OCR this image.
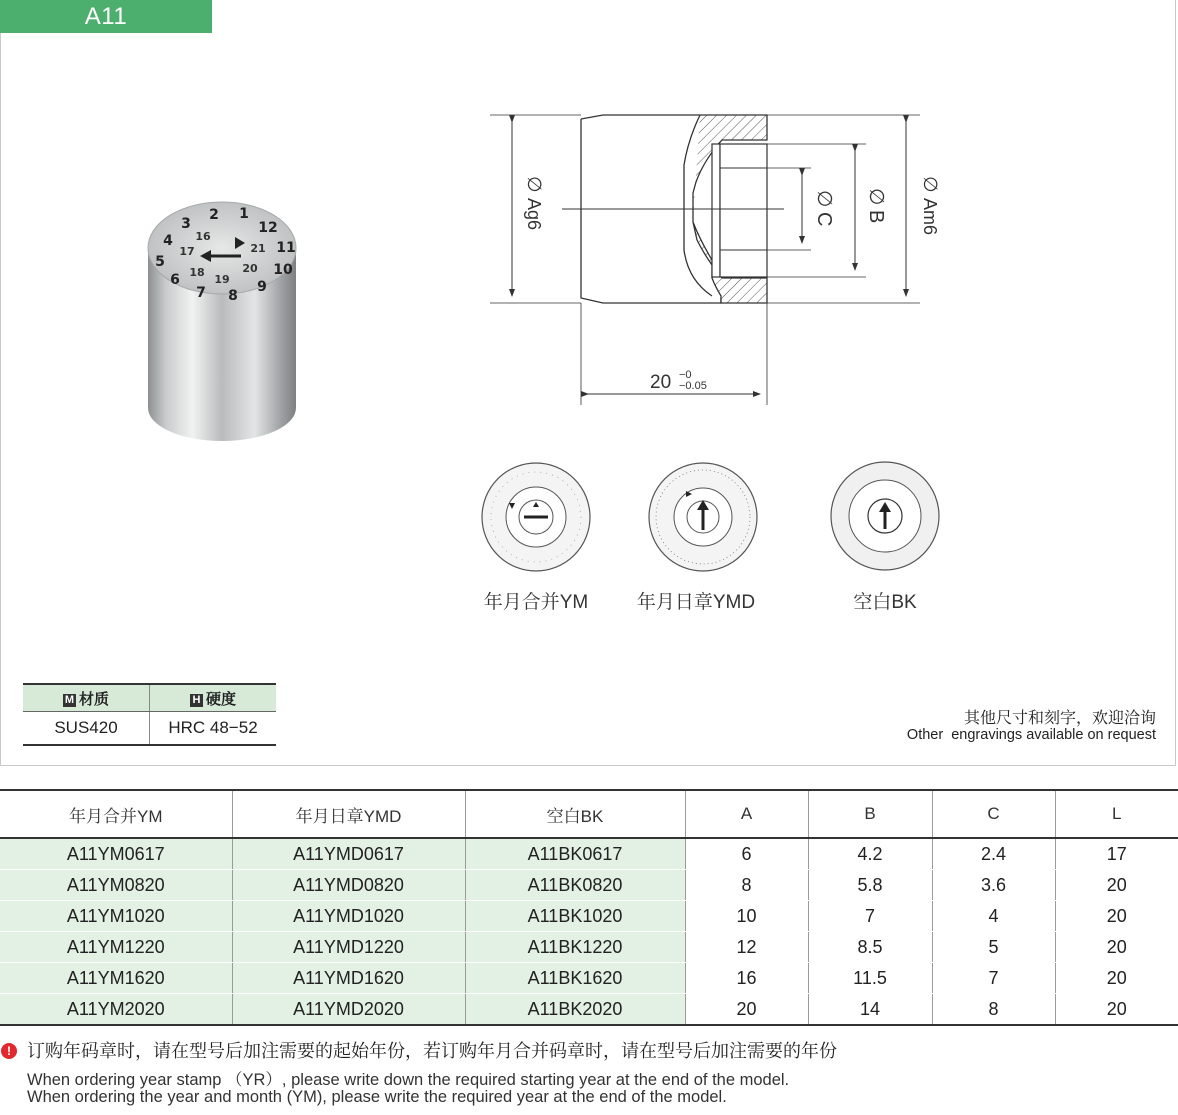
A11
2 1
12
11
10
9
8
7
6
5
4
3
16
17
18
19
20
21
∅
Ag6
∅
Am6
∅
B
∅
C
20 −0
−0.05
年月合并YM	年月日章YMD	空白BK
M 材质	H 硬度
SUS420	HRC 48−52	其他尺寸和刻字，欢迎洽询
Other  engravings available on request
年月合并YM	年月日章YMD	空白BK	A	B	C	L
A11YM0617	A11YMD0617	A11BK0617	6	4.2	2.4	17
A11YM0820	A11YMD0820	A11BK0820	8	5.8	3.6	20
A11YM1020	A11YMD1020	A11BK1020	10	7	4	20
A11YM1220	A11YMD1220	A11BK1220	12	8.5	5	20
A11YM1620	A11YMD1620	A11BK1620	16	11.5	7	20
A11YM2020	A11YMD2020	A11BK2020	20	14	8	20
! 订购年码章时，请在型号后加注需要的起始年份，若订购年月合并码章时，请在型号后加注需要的年份
When ordering year stamp （YR）, please write down the required starting year at the end of the model.
When ordering the year and month (YM), please write the required year at the end of the model.
